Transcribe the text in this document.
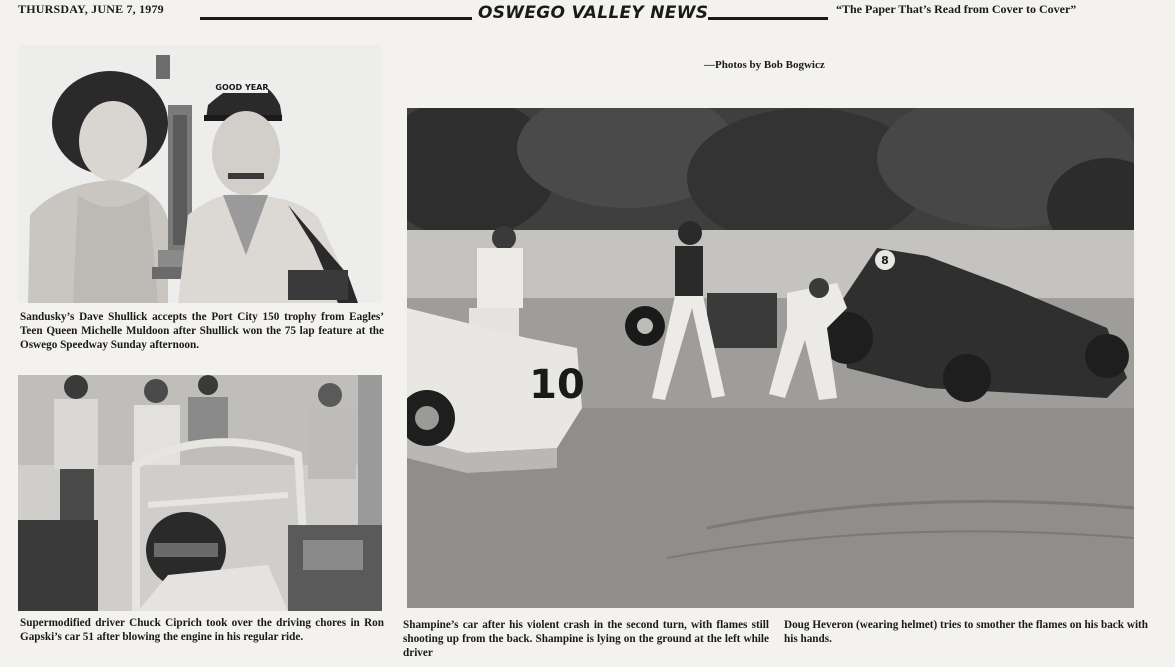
THURSDAY, JUNE 7, 1979	OSWEGO VALLEY NEWS	“The Paper That’s Read from Cover to Cover”
GOOD YEAR

Sandusky’s Dave Shullick accepts the Port City 150 trophy from Eagles’ Teen Queen Michelle Muldoon after Shullick won the 75 lap feature at the Oswego Speedway Sunday afternoon.

Supermodified driver Chuck Ciprich took over the driving chores in Ron Gapski’s car 51 after blowing the engine in his regular ride.

—Photos by Bob Bogwicz
8
10

Shampine’s car after his violent crash in the second turn, with flames still shooting up from the back. Shampine is lying on the ground at the left while driver

Doug Heveron (wearing helmet) tries to smother the flames on his back with his hands.
